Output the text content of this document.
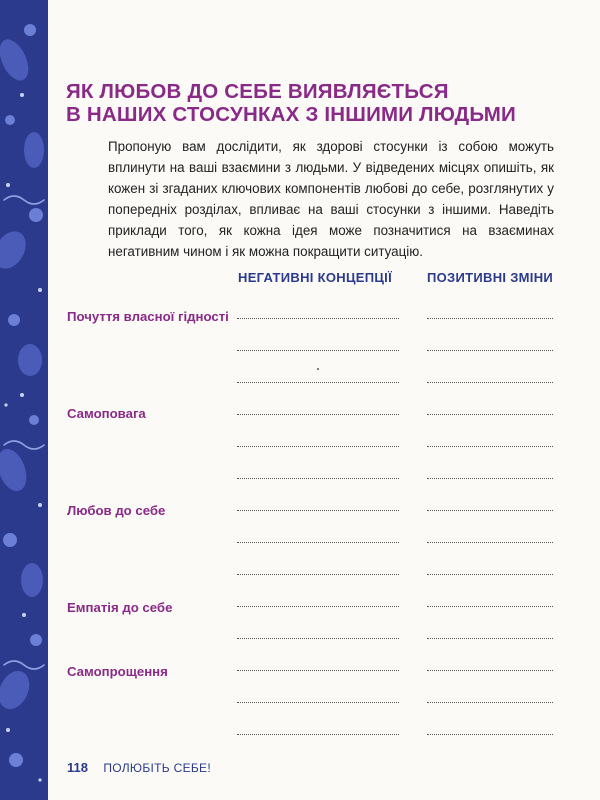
ЯК ЛЮБОВ ДО СЕБЕ ВИЯВЛЯЄТЬСЯ
В НАШИХ СТОСУНКАХ З ІНШИМИ ЛЮДЬМИ

Пропоную вам дослідити, як здорові стосунки із собою можуть вплинути на ваші взаємини з людьми. У відведених місцях опишіть, як кожен зі згаданих ключових компонентів любові до себе, розглянутих у попередніх розділах, впливає на ваші стосунки з іншими. Наведіть приклади того, як кожна ідея може позначитися на взаєминах негативним чином і як можна покращити ситуацію.

НЕГАТИВНІ КОНЦЕПЦІЇ	ПОЗИТИВНІ ЗМІНИ
Почуття власної гідності
Самоповага
Любов до себе
Емпатія до себе
Самопрощення
118 ПОЛЮБІТЬ СЕБЕ!
